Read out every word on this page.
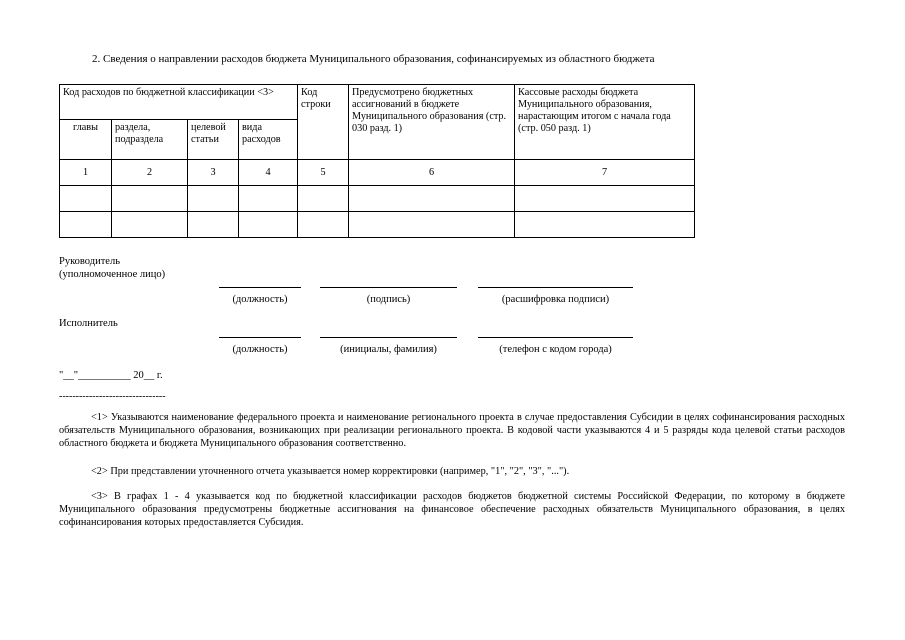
2. Сведения о направлении расходов бюджета Муниципального образования, софинансируемых из областного бюджета
Код расходов по бюджетной классификации <3>				Код строки	Предусмотрено бюджетных ассигнований в бюджете Муниципального образования (стр. 030 разд. 1)	Кассовые расходы бюджета Муниципального образования, нарастающим итогом с начала года (стр. 050 разд. 1)
главы	раздела, подраздела	целевой статьи	вида расходов			
1	2	3	4	5	6	7

Руководитель
(уполномоченное лицо)
(должность)	(подпись)	(расшифровка подписи)
Исполнитель
(должность)	(инициалы, фамилия)	(телефон с кодом города)
"__"__________ 20__ г.
--------------------------------
<1> Указываются наименование федерального проекта и наименование регионального проекта в случае предоставления Субсидии в целях софинансирования расходных обязательств Муниципального образования, возникающих при реализации регионального проекта. В кодовой части указываются 4 и 5 разряды кода целевой статьи расходов областного бюджета и бюджета Муниципального образования соответственно.
<2> При представлении уточненного отчета указывается номер корректировки (например, "1", "2", "3", "...").
<3> В графах 1 - 4 указывается код по бюджетной классификации расходов бюджетов бюджетной системы Российской Федерации, по которому в бюджете Муниципального образования предусмотрены бюджетные ассигнования на финансовое обеспечение расходных обязательств Муниципального образования, в целях софинансирования которых предоставляется Субсидия.
